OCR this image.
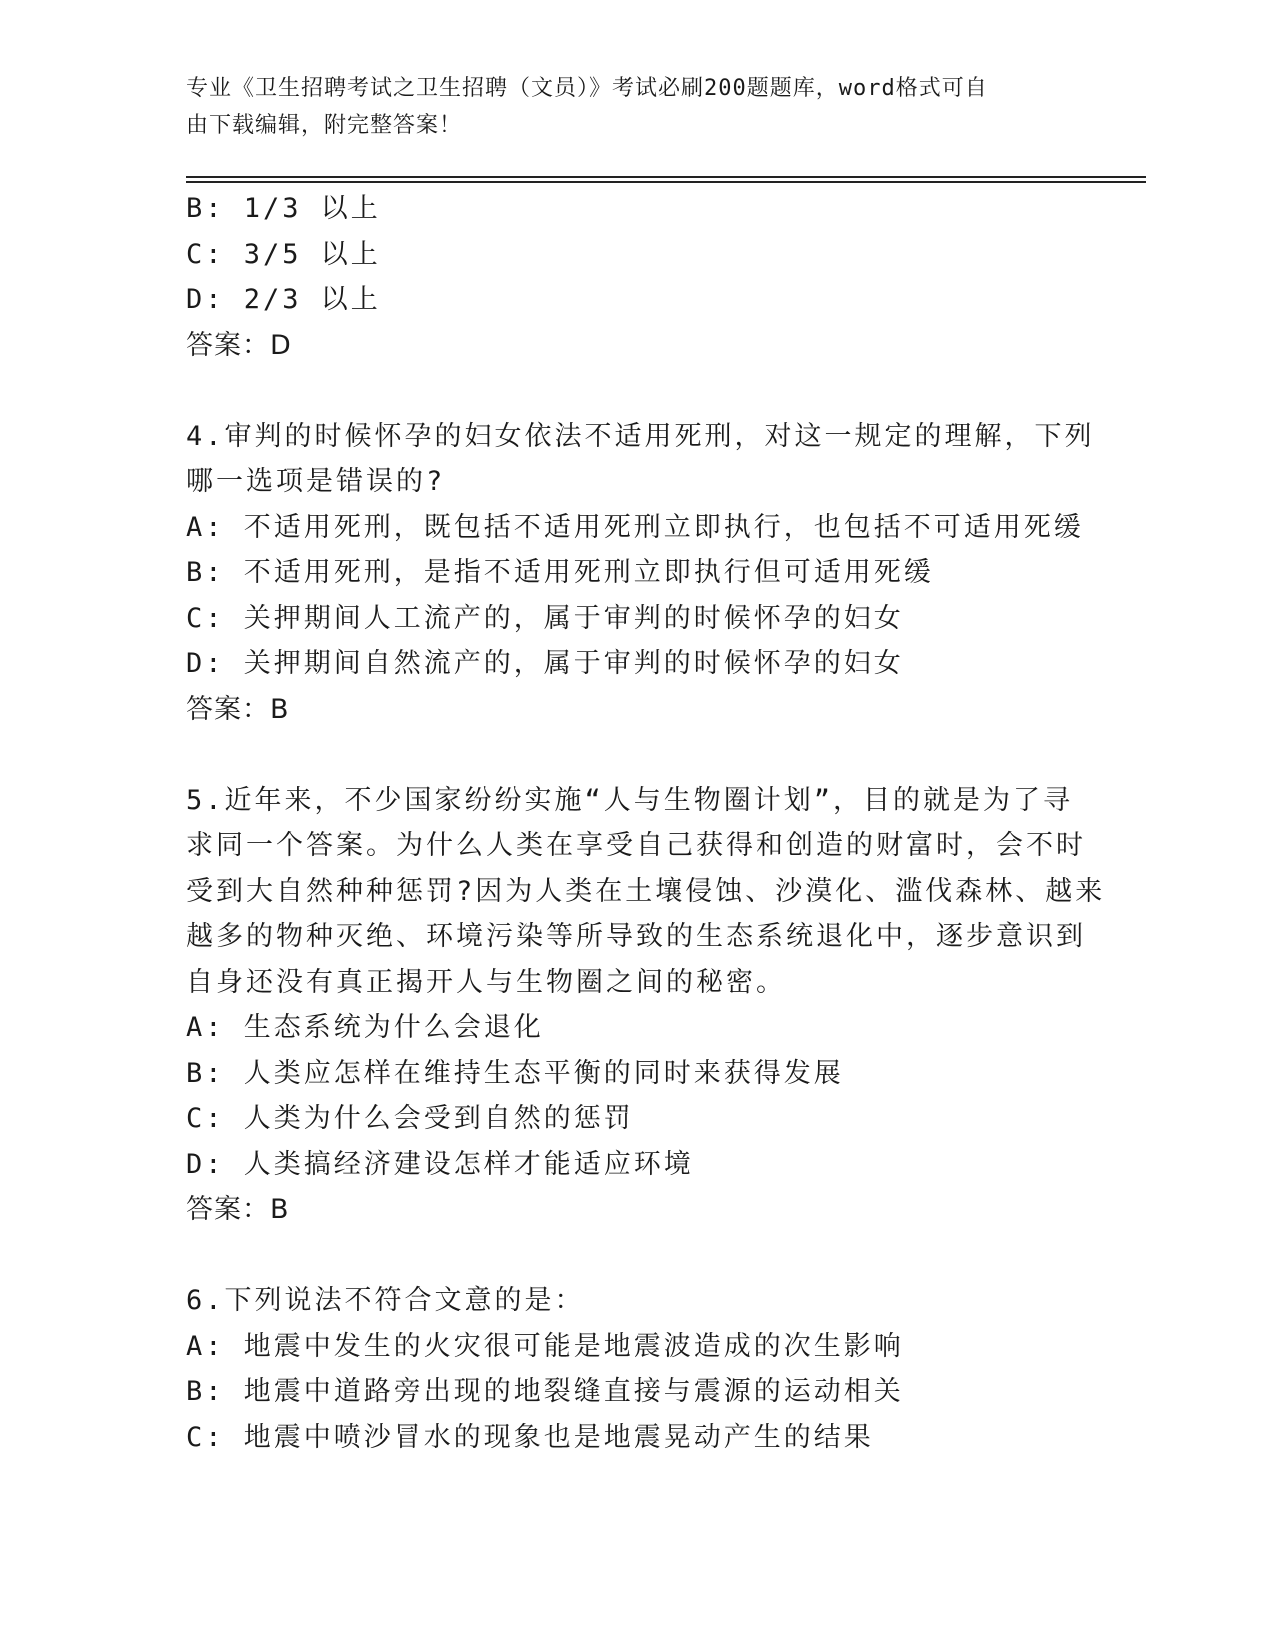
专业《卫生招聘考试之卫生招聘（文员）》考试必刷200题题库，word格式可自
由下载编辑，附完整答案！
B: 1/3 以上
C: 3/5 以上
D: 2/3 以上
答案：D
4.审判的时候怀孕的妇女依法不适用死刑，对这一规定的理解，下列
哪一选项是错误的?
A: 不适用死刑，既包括不适用死刑立即执行，也包括不可适用死缓
B: 不适用死刑，是指不适用死刑立即执行但可适用死缓
C: 关押期间人工流产的，属于审判的时候怀孕的妇女
D: 关押期间自然流产的，属于审判的时候怀孕的妇女
答案：B
5.近年来，不少国家纷纷实施“人与生物圈计划”，目的就是为了寻
求同一个答案。为什么人类在享受自己获得和创造的财富时，会不时
受到大自然种种惩罚?因为人类在土壤侵蚀、沙漠化、滥伐森林、越来
越多的物种灭绝、环境污染等所导致的生态系统退化中，逐步意识到
自身还没有真正揭开人与生物圈之间的秘密。
A: 生态系统为什么会退化
B: 人类应怎样在维持生态平衡的同时来获得发展
C: 人类为什么会受到自然的惩罚
D: 人类搞经济建设怎样才能适应环境
答案：B
6.下列说法不符合文意的是：
A: 地震中发生的火灾很可能是地震波造成的次生影响
B: 地震中道路旁出现的地裂缝直接与震源的运动相关
C: 地震中喷沙冒水的现象也是地震晃动产生的结果
